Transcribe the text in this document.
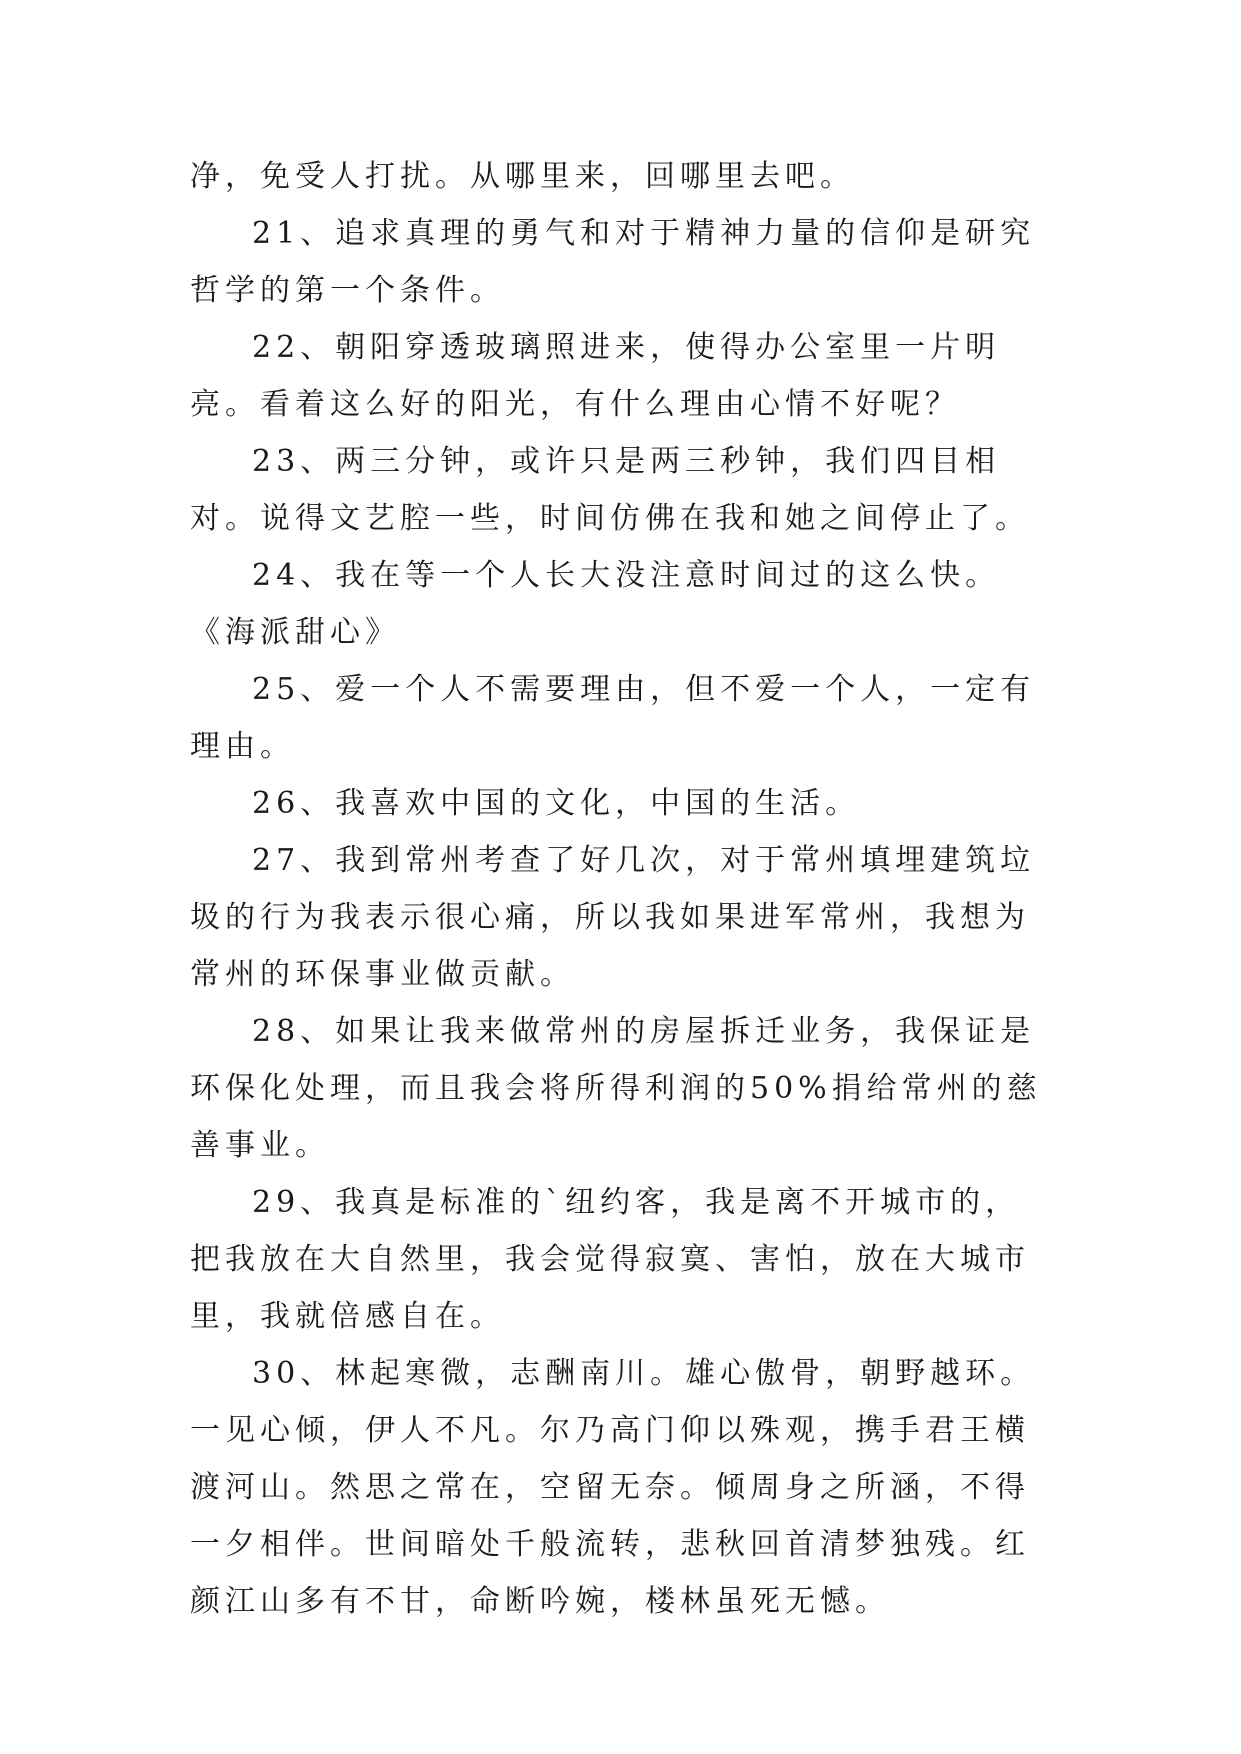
净，免受人打扰。从哪里来，回哪里去吧。

21、追求真理的勇气和对于精神力量的信仰是研究哲学的第一个条件。

22、朝阳穿透玻璃照进来，使得办公室里一片明亮。看着这么好的阳光，有什么理由心情不好呢？

23、两三分钟，或许只是两三秒钟，我们四目相对。说得文艺腔一些，时间仿佛在我和她之间停止了。

24、我在等一个人长大没注意时间过的这么快。《海派甜心》

25、爱一个人不需要理由，但不爱一个人，一定有理由。

26、我喜欢中国的文化，中国的生活。

27、我到常州考查了好几次，对于常州填埋建筑垃圾的行为我表示很心痛，所以我如果进军常州，我想为常州的环保事业做贡献。

28、如果让我来做常州的房屋拆迁业务，我保证是环保化处理，而且我会将所得利润的50%捐给常州的慈善事业。

29、我真是标准的`纽约客，我是离不开城市的，把我放在大自然里，我会觉得寂寞、害怕，放在大城市里，我就倍感自在。

30、林起寒微，志酬南川。雄心傲骨，朝野越环。一见心倾，伊人不凡。尔乃高门仰以殊观，携手君王横渡河山。然思之常在，空留无奈。倾周身之所涵，不得一夕相伴。世间暗处千般流转，悲秋回首清梦独残。红颜江山多有不甘，命断吟婉，楼林虽死无憾。
